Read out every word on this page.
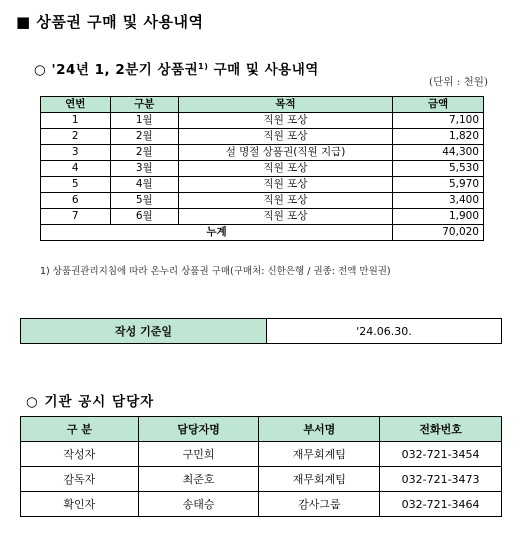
■ 상품권 구매 및 사용내역
○ '24년 1, 2분기 상품권$^{1)}$ 구매 및 사용내역
(단위 : 천원)
연번	구분	목적	금액
1	1월	직원 포상	7,100
2	2월	직원 포상	1,820
3	2월	설 명절 상품권(직원 지급)	44,300
4	3월	직원 포상	5,530
5	4월	직원 포상	5,970
6	5월	직원 포상	3,400
7	6월	직원 포상	1,900
누계			70,020
1) 상품권관리지침에 따라 온누리 상품권 구매(구매처: 신한은행 / 권종: 전액 만원권)
작성 기준일	'24.06.30.
○ 기관 공시 담당자
구 분	담당자명	부서명	전화번호
작성자	구민희	재무회계팀	032-721-3454
감독자	최준호	재무회계팀	032-721-3473
확인자	송태승	감사그룹	032-721-3464
